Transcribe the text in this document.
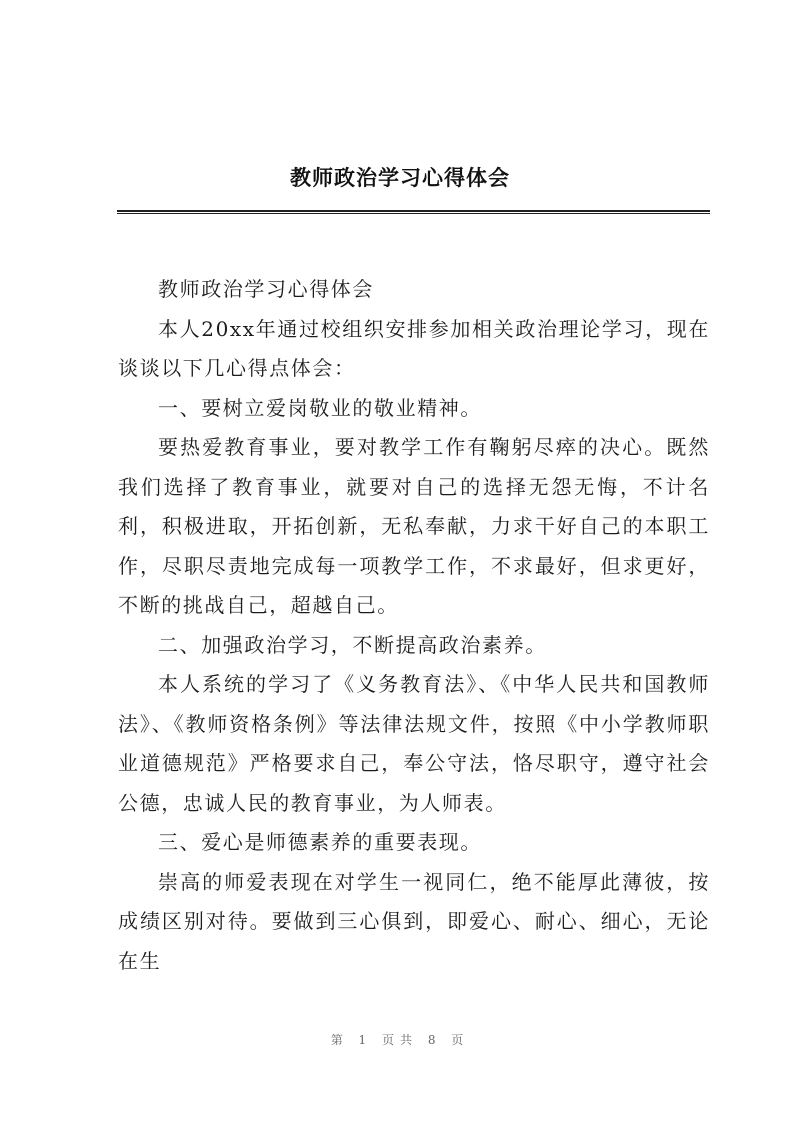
教师政治学习心得体会

教师政治学习心得体会

本人20xx年通过校组织安排参加相关政治理论学习，现在谈谈以下几心得点体会：

一、要树立爱岗敬业的敬业精神。

要热爱教育事业，要对教学工作有鞠躬尽瘁的决心。既然我们选择了教育事业，就要对自己的选择无怨无悔，不计名利，积极进取，开拓创新，无私奉献，力求干好自己的本职工作，尽职尽责地完成每一项教学工作，不求最好，但求更好，不断的挑战自己，超越自己。

二、加强政治学习，不断提高政治素养。

本人系统的学习了《义务教育法》、《中华人民共和国教师法》、《教师资格条例》等法律法规文件，按照《中小学教师职业道德规范》严格要求自己，奉公守法，恪尽职守，遵守社会公德，忠诚人民的教育事业，为人师表。

三、爱心是师德素养的重要表现。

崇高的师爱表现在对学生一视同仁，绝不能厚此薄彼，按成绩区别对待。要做到三心俱到，即爱心、耐心、细心，无论在生

第 1 页共 8 页
